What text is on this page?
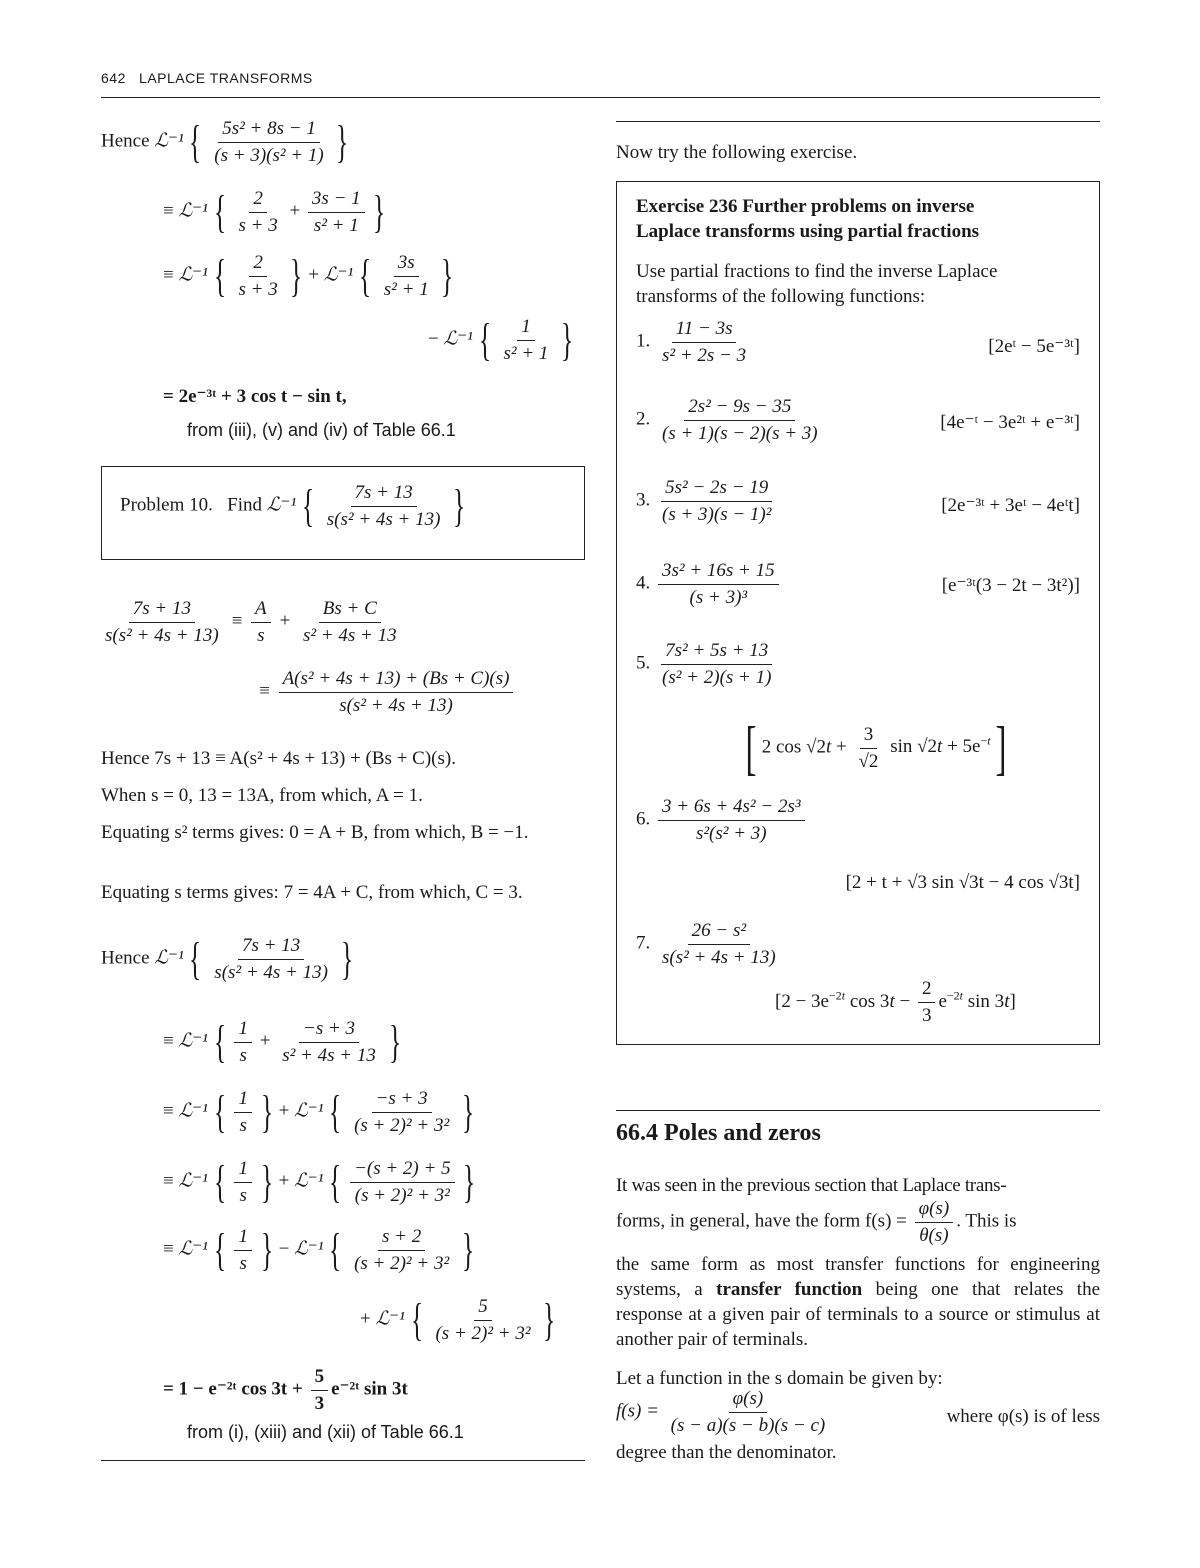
642 LAPLACE TRANSFORMS
Hence ℒ⁻¹ { $\frac{\text{5s² + 8s − 1}}{\text{(s + 3)(s² + 1)}}$ }
≡ ℒ⁻¹ { $\frac{2}{s + 3} + \frac{3s - 1}{\text{s² + 1}}$ }
≡ ℒ⁻¹ { $\frac{2}{s + 3}$ } + ℒ⁻¹ { $\frac{3s}{\text{s² + 1}}$ }
− ℒ⁻¹ { $\frac{1}{\text{s² + 1}}$ }
= 2e⁻³ᵗ + 3 cos t − sin t,
from (iii), (v) and (iv) of Table 66.1
Problem 10. Find ℒ⁻¹ { $\frac{7s + 13}{\text{s(s² + 4s + 13)}}$ }
$\frac{7s + 13}{\text{s(s² + 4s + 13)}} \equiv \frac{A}{s} + \frac{Bs + C}{\text{s² + 4s + 13}}$
≡ $\frac{\text{A(s² + 4s + 13) + (Bs + C)(s)}}{\text{s(s² + 4s + 13)}}$
Hence 7s + 13 ≡ A(s² + 4s + 13) + (Bs + C)(s).
When s = 0, 13 = 13A, from which, A = 1.
Equating s² terms gives: 0 = A + B, from which, B = −1.
Equating s terms gives: 7 = 4A + C, from which, C = 3.
Hence ℒ⁻¹ { $\frac{7s + 13}{\text{s(s² + 4s + 13)}}$ }
≡ ℒ⁻¹ { $\frac{1}{s} + \frac{-s + 3}{\text{s² + 4s + 13}}$ }
≡ ℒ⁻¹ { $\frac{1}{s}$ } + ℒ⁻¹ { $\frac{-s + 3}{\text{(s + 2)² + 3²}}$ }
≡ ℒ⁻¹ { $\frac{1}{s}$ } + ℒ⁻¹ { $\frac{-(s + 2) + 5}{\text{(s + 2)² + 3²}}$ }
≡ ℒ⁻¹ { $\frac{1}{s}$ } − ℒ⁻¹ { $\frac{s + 2}{\text{(s + 2)² + 3²}}$ }
+ ℒ⁻¹ { $\frac{5}{\text{(s + 2)² + 3²}}$ }
= 1 − e⁻²ᵗ $\cos 3t + \frac{5}{3}$ e⁻²ᵗ sin 3t
from (i), (xiii) and (xii) of Table 66.1
Now try the following exercise.
Exercise 236 Further problems on inverse
Laplace transforms using partial fractions
Use partial fractions to find the inverse Laplace transforms of the following functions:
1. $\frac{11 - 3s}{\text{s² + 2s − 3}}$	[2eᵗ − 5e⁻³ᵗ]
2. $\frac{\text{2s² − 9s − 35}}{(s + 1)(s - 2)(s + 3)}$	[4e⁻ᵗ − 3e²ᵗ + e⁻³ᵗ]
3. $\frac{\text{5s² − 2s − 19}}{\text{(s + 3)(s − 1)²}}$	[2e⁻³ᵗ + 3eᵗ − 4eᵗt]
4. $\frac{\text{3s² + 16s + 15}}{\text{(s + 3)³}}$	[e⁻³ᵗ(3 − 2t − 3t²)]
5. $\frac{\text{7s² + 5s + 13}}{\text{(s² + 2)(s + 1)}}$
[ 2 $\cos √2t + \frac{3}{√2}$ $\sin √2t + 5e^{-t}$ ]
6. $\frac{\text{3 + 6s + 4s² − 2s³}}{\text{s²(s² + 3)}}$
[2 + t + √3 sin √3t − 4 cos √3t]
7. $\frac{\text{26 − s²}}{\text{s(s² + 4s + 13)}}$
[$2 - 3e^{-2t}$ $\cos 3t - \frac{2}{3} e^{-2t}$ sin 3t]
66.4 Poles and zeros
It was seen in the previous section that Laplace trans-
forms, in general, have the form $f(s) = \frac{\varphi(s)}{\theta(s)}$ . This is
the same form as most transfer functions for engineering systems, a transfer function being one that relates the response at a given pair of terminals to a source or stimulus at another pair of terminals.
Let a function in the s domain be given by:
$f(s) = \frac{\varphi(s)}{(s - a)(s - b)(s - c)}$	where φ(s) is of less
degree than the denominator.
